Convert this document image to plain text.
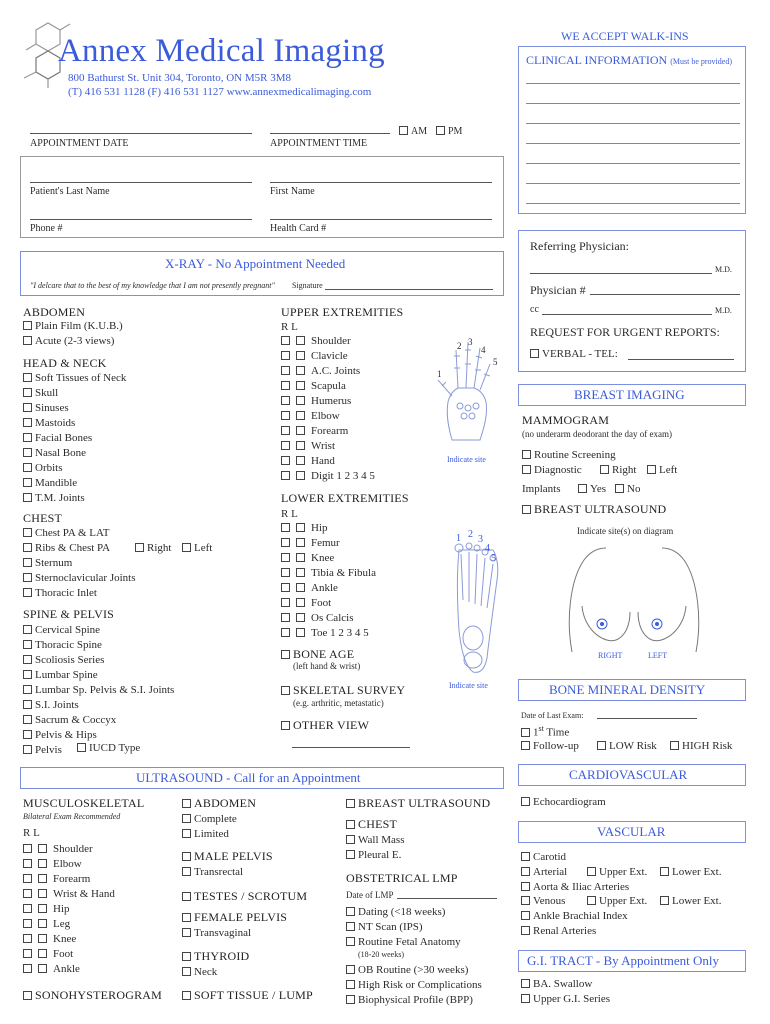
Annex Medical Imaging
800 Bathurst St. Unit 304, Toronto, ON M5R 3M8
(T) 416 531 1128 (F) 416 531 1127 www.annexmedicalimaging.com
APPOINTMENT DATE	APPOINTMENT TIME
AM	PM
Patient's Last Name	First Name
Phone #	Health Card #
WE ACCEPT WALK-INS
CLINICAL INFORMATION (Must be provided)
Referring Physician:
M.D.
Physician #
cc	M.D.
REQUEST FOR URGENT REPORTS:
VERBAL - TEL:
X-RAY - No Appointment Needed
"I delcare that to the best of my knowledge that I am not presently pregnant" Signature
ABDOMEN
Plain Film (K.U.B.)
Acute (2-3 views)
HEAD & NECK
Soft Tissues of Neck
Skull
Sinuses
Mastoids
Facial Bones
Nasal Bone
Orbits
Mandible
T.M. Joints
CHEST
Chest PA & LAT
Ribs & Chest PA
Sternum
Sternoclavicular Joints
Thoracic Inlet
Right	Left
SPINE & PELVIS
Cervical Spine
Thoracic Spine
Scoliosis Series
Lumbar Spine
Lumbar Sp. Pelvis & S.I. Joints
S.I. Joints
Sacrum & Coccyx
Pelvis & Hips
Pelvis	IUCD Type
UPPER EXTREMITIES
R L
Shoulder
Clavicle
A.C. Joints
Scapula
Humerus
Elbow
Forearm
Wrist
Hand
Digit 1 2 3 4 5
1
2 3
4
5
Indicate site
LOWER EXTREMITIES
R L
Hip
Femur
Knee
Tibia & Fibula
Ankle
Foot
Os Calcis
Toe 1 2 3 4 5
1 2 3
4
5
Indicate site
BONE AGE
(left hand & wrist)
SKELETAL SURVEY
(e.g. arthritic, metastatic)
OTHER VIEW
BREAST IMAGING
MAMMOGRAM
(no underarm deodorant the day of exam)
Routine Screening
Diagnostic	Right	Left
Implants	Yes	No
BREAST ULTRASOUND
Indicate site(s) on diagram
RIGHT	LEFT
BONE MINERAL DENSITY
Date of Last Exam:
1st Time
Follow-up	LOW Risk	HIGH Risk
ULTRASOUND - Call for an Appointment
MUSCULOSKELETAL
Bilateral Exam Recommended
R L
Shoulder
Elbow
Forearm
Wrist & Hand
Hip
Leg
Knee
Foot
Ankle
SONOHYSTEROGRAM
ABDOMEN
Complete
Limited
MALE PELVIS
Transrectal
TESTES / SCROTUM
FEMALE PELVIS
Transvaginal
THYROID
Neck
SOFT TISSUE / LUMP
BREAST ULTRASOUND
CHEST
Wall Mass
Pleural E.
OBSTETRICAL LMP
Date of LMP
Dating (<18 weeks)
NT Scan (IPS)
Routine Fetal Anatomy
(18-20 weeks)
OB Routine (>30 weeks)
High Risk or Complications
Biophysical Profile (BPP)
CARDIOVASCULAR
Echocardiogram
VASCULAR
Carotid
Arterial	Upper Ext.	Lower Ext.
Aorta & Iliac Arteries
Venous	Upper Ext.	Lower Ext.
Ankle Brachial Index
Renal Arteries
G.I. TRACT - By Appointment Only
BA. Swallow
Upper G.I. Series
